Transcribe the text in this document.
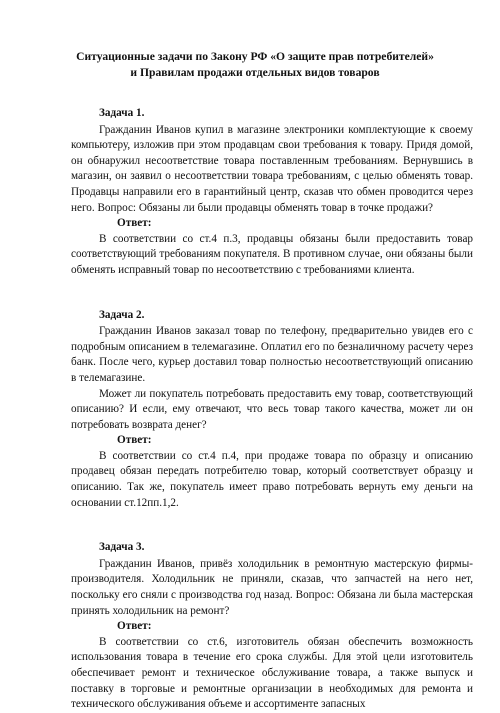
Ситуационные задачи по Закону РФ «О защите прав потребителей»
и Правилам продажи отдельных видов товаров
Задача 1.

Гражданин Иванов купил в магазине электроники комплектующие к своему компьютеру, изложив при этом продавцам свои требования к товару. Придя домой, он обнаружил несоответствие товара поставленным требованиям. Вернувшись в магазин, он заявил о несоответствии товара требованиям, с целью обменять товар. Продавцы направили его в гарантийный центр, сказав что обмен проводится через него. Вопрос: Обязаны ли были продавцы обменять товар в точке продажи?

Ответ:

В соответствии со ст.4 п.3, продавцы обязаны были предоставить товар соответствующий требованиям покупателя. В противном случае, они обязаны были обменять исправный товар по несоответствию с требованиями клиента.

Задача 2.

Гражданин Иванов заказал товар по телефону, предварительно увидев его с подробным описанием в телемагазине. Оплатил его по безналичному расчету через банк. После чего, курьер доставил товар полностью несоответствующий описанию в телемагазине.

Может ли покупатель потребовать предоставить ему товар, соответствующий описанию? И если, ему отвечают, что весь товар такого качества, может ли он потребовать возврата денег?

Ответ:

В соответствии со ст.4 п.4, при продаже товара по образцу и описанию продавец обязан передать потребителю товар, который соответствует образцу и описанию. Так же, покупатель имеет право потребовать вернуть ему деньги на основании ст.12пп.1,2.

Задача 3.

Гражданин Иванов, привёз холодильник в ремонтную мастерскую фирмы-производителя. Холодильник не приняли, сказав, что запчастей на него нет, поскольку его сняли с производства год назад. Вопрос: Обязана ли была мастерская принять холодильник на ремонт?

Ответ:

В соответствии со ст.6, изготовитель обязан обеспечить возможность использования товара в течение его срока службы. Для этой цели изготовитель обеспечивает ремонт и техническое обслуживание товара, а также выпуск и поставку в торговые и ремонтные организации в необходимых для ремонта и технического обслуживания объеме и ассортименте запасных
